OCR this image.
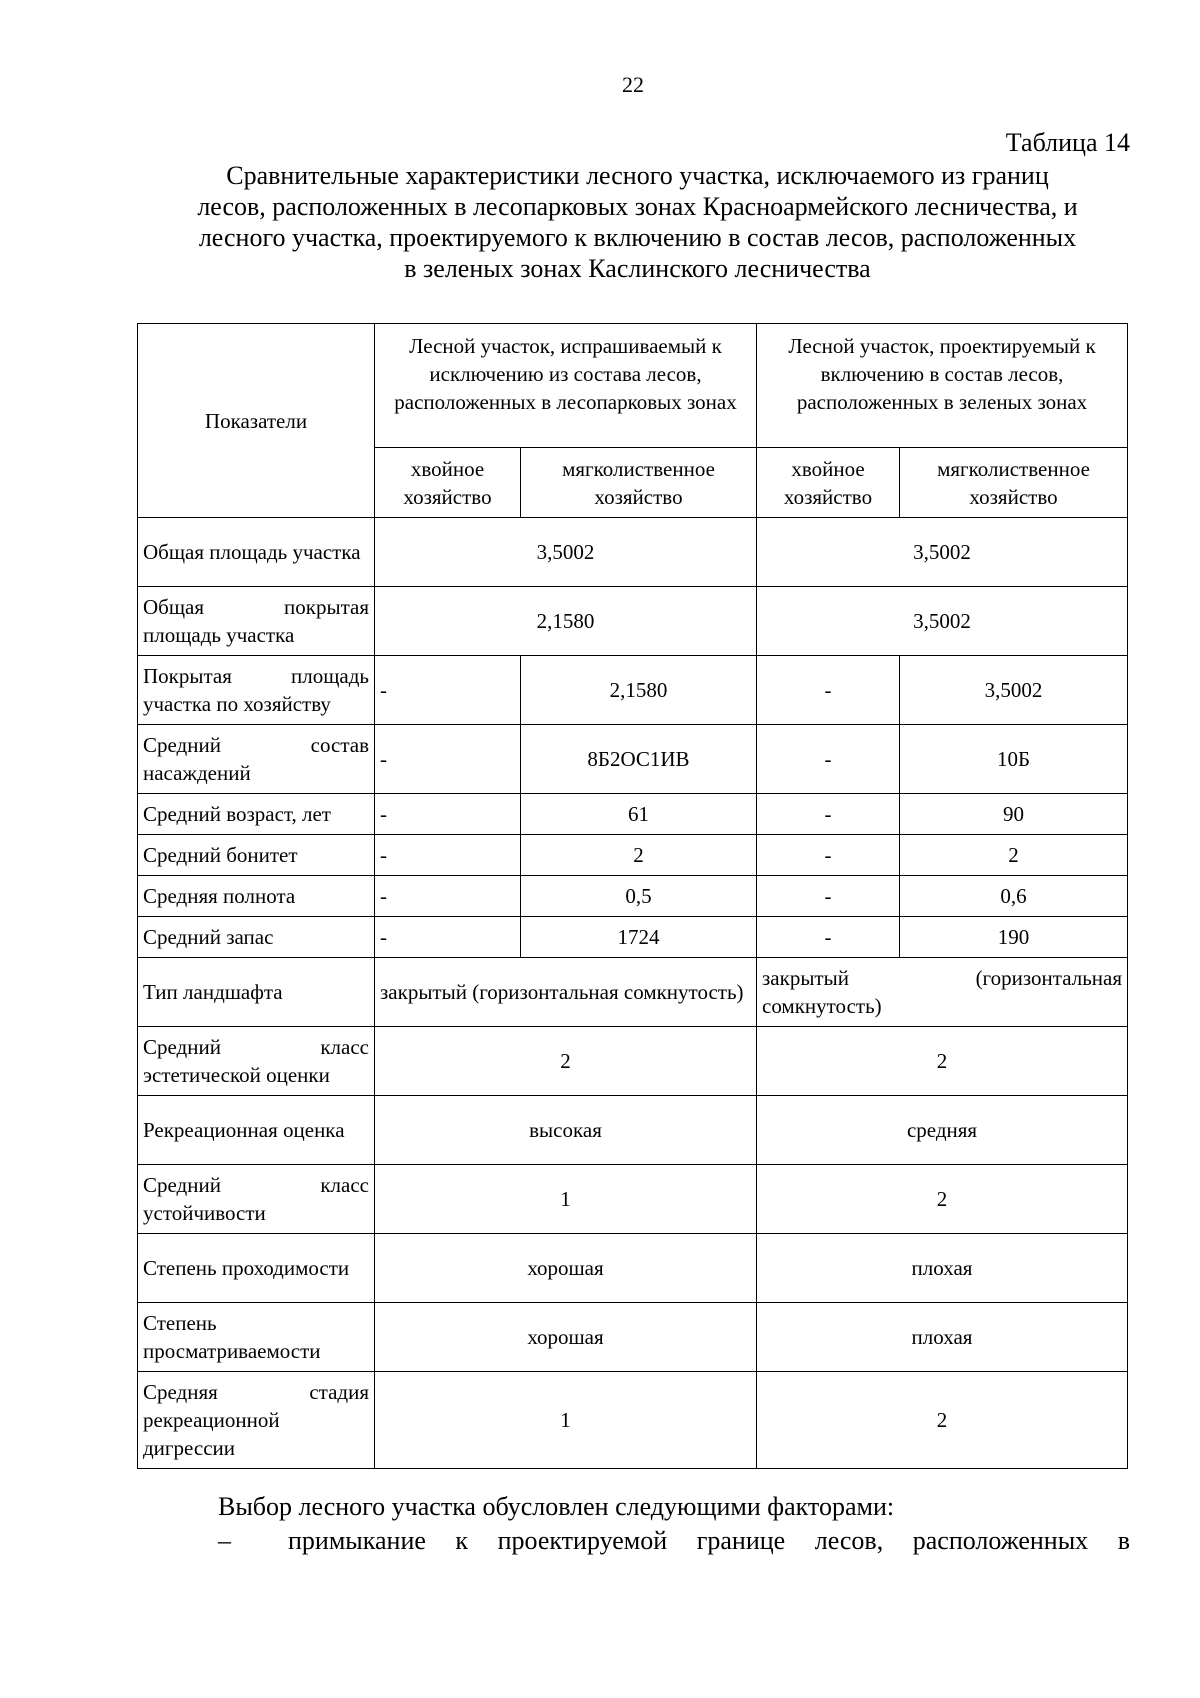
22
Таблица 14
Сравнительные характеристики лесного участка, исключаемого из границ
лесов, расположенных в лесопарковых зонах Красноармейского лесничества, и
лесного участка, проектируемого к включению в состав лесов, расположенных
в зеленых зонах Каслинского лесничества
Показатели	Лесной участок, испрашиваемый к исключению из состава лесов, расположенных в лесопарковых зонах		Лесной участок, проектируемый к включению в состав лесов, расположенных в зеленых зонах	
	хвойное хозяйство	мягколиственное хозяйство	хвойное хозяйство	мягколиственное хозяйство
Общая площадь участка	3,5002		3,5002	
Общая покрытая площадь участка	2,1580		3,5002	
Покрытая площадь участка по хозяйству	-	2,1580	-	3,5002
Средний состав насаждений	-	8Б2ОС1ИВ	-	10Б
Средний возраст, лет	-	61	-	90
Средний бонитет	-	2	-	2
Средняя полнота	-	0,5	-	0,6
Средний запас	-	1724	-	190
Тип ландшафта	закрытый (горизонтальная сомкнутость)		закрытый (горизонтальная сомкнутость)	
Средний класс эстетической оценки	2		2	
Рекреационная оценка	высокая		средняя	
Средний класс устойчивости	1		2	
Степень проходимости	хорошая		плохая	
Степень просматриваемости	хорошая		плохая	
Средняя стадия рекреационной дигрессии	1		2	
Выбор лесного участка обусловлен следующими факторами:
– примыкание к проектируемой границе лесов, расположенных в
